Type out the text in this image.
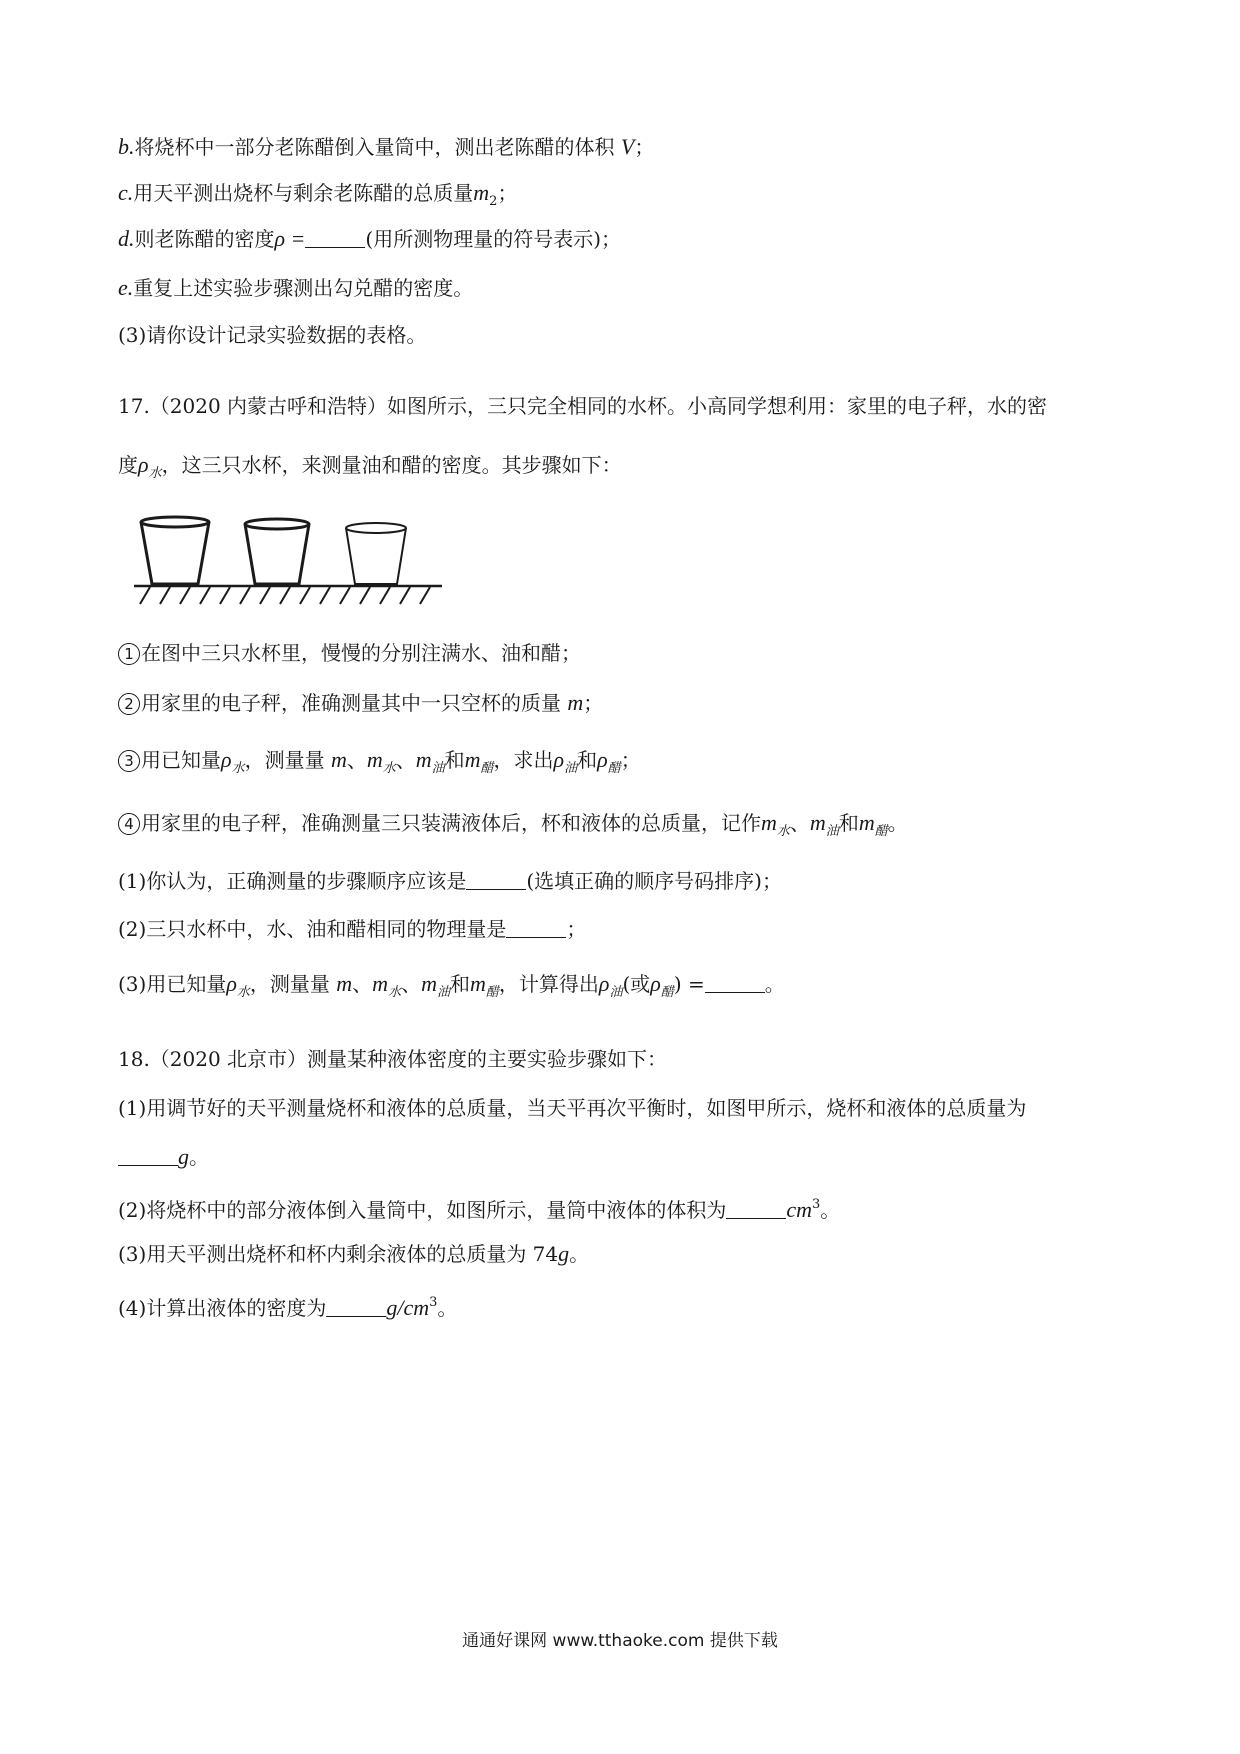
b.将烧杯中一部分老陈醋倒入量筒中，测出老陈醋的体积 V；
c.用天平测出烧杯与剩余老陈醋的总质量$m_2$；
d.则老陈醋的密度ρ =	(用所测物理量的符号表示)；
e.重复上述实验步骤测出勾兑醋的密度。
(3)请你设计记录实验数据的表格。
17.（2020 内蒙古呼和浩特）如图所示，三只完全相同的水杯。小高同学想利用：家里的电子秤，水的密
度$\rho_水$，这三只水杯，来测量油和醋的密度。其步骤如下：
1 在图中三只水杯里，慢慢的分别注满水、油和醋；
2 用家里的电子秤，准确测量其中一只空杯的质量 m；
3 用已知量$\rho_水$，测量量 m、$m_水$、$m_油$和$m_醋$，求出$\rho_油$和$\rho_醋$；
4 用家里的电子秤，准确测量三只装满液体后，杯和液体的总质量，记作$m_水$、$m_油$和$m_醋$。
(1)你认为，正确测量的步骤顺序应该是	(选填正确的顺序号码排序)；
(2)三只水杯中，水、油和醋相同的物理量是	；
(3)用已知量$\rho_水$，测量量 m、$m_水$、$m_油$和$m_醋$，计算得出$\rho_油$(或$\rho_醋$) =	。
18.（2020 北京市）测量某种液体密度的主要实验步骤如下：
(1)用调节好的天平测量烧杯和液体的总质量，当天平再次平衡时，如图甲所示，烧杯和液体的总质量为
g。
(2)将烧杯中的部分液体倒入量筒中，如图所示，量筒中液体的体积为	$cm^3$。
(3)用天平测出烧杯和杯内剩余液体的总质量为 74g。
(4)计算出液体的密度为	$g/cm^3$。
通通好课网 www.tthaoke.com 提供下载
